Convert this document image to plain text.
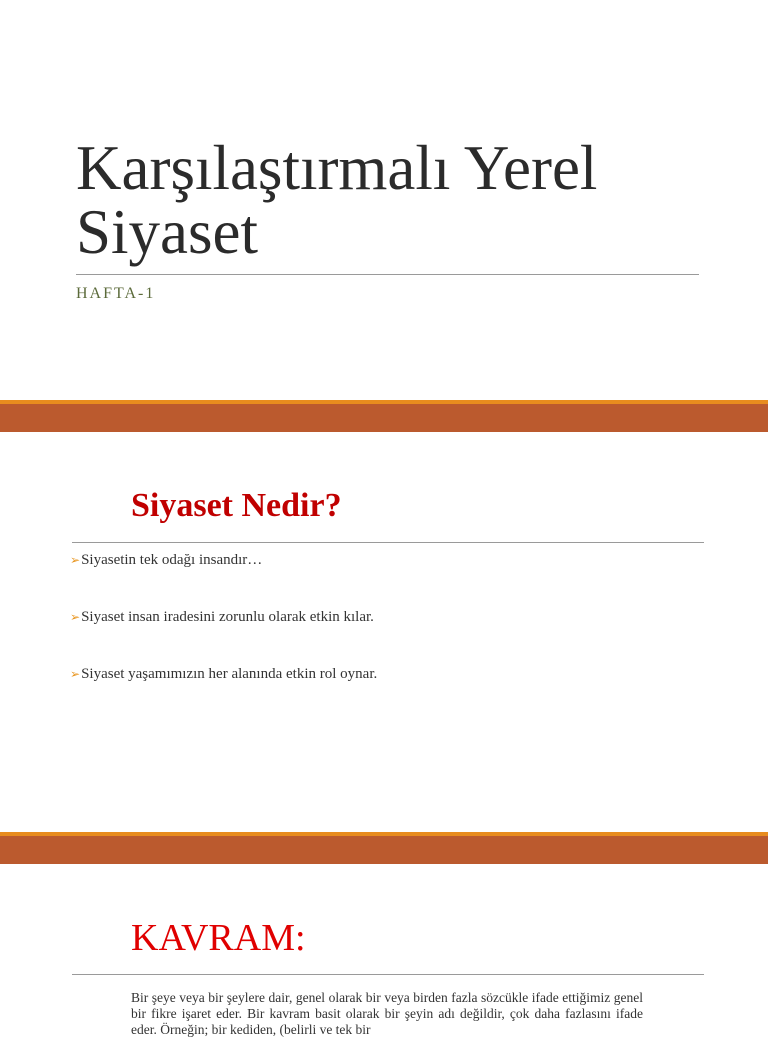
Karşılaştırmalı Yerel
Siyaset
HAFTA-1
Siyaset Nedir?
➢Siyasetin tek odağı insandır…
➢Siyaset insan iradesini zorunlu olarak etkin kılar.
➢Siyaset yaşamımızın her alanında etkin rol oynar.
KAVRAM:

Bir şeye veya bir şeylere dair, genel olarak bir veya birden fazla sözcükle ifade ettiğimiz genel bir fikre işaret eder. Bir kavram basit olarak bir şeyin adı değildir, çok daha fazlasını ifade eder. Örneğin; bir kediden, (belirli ve tek bir
